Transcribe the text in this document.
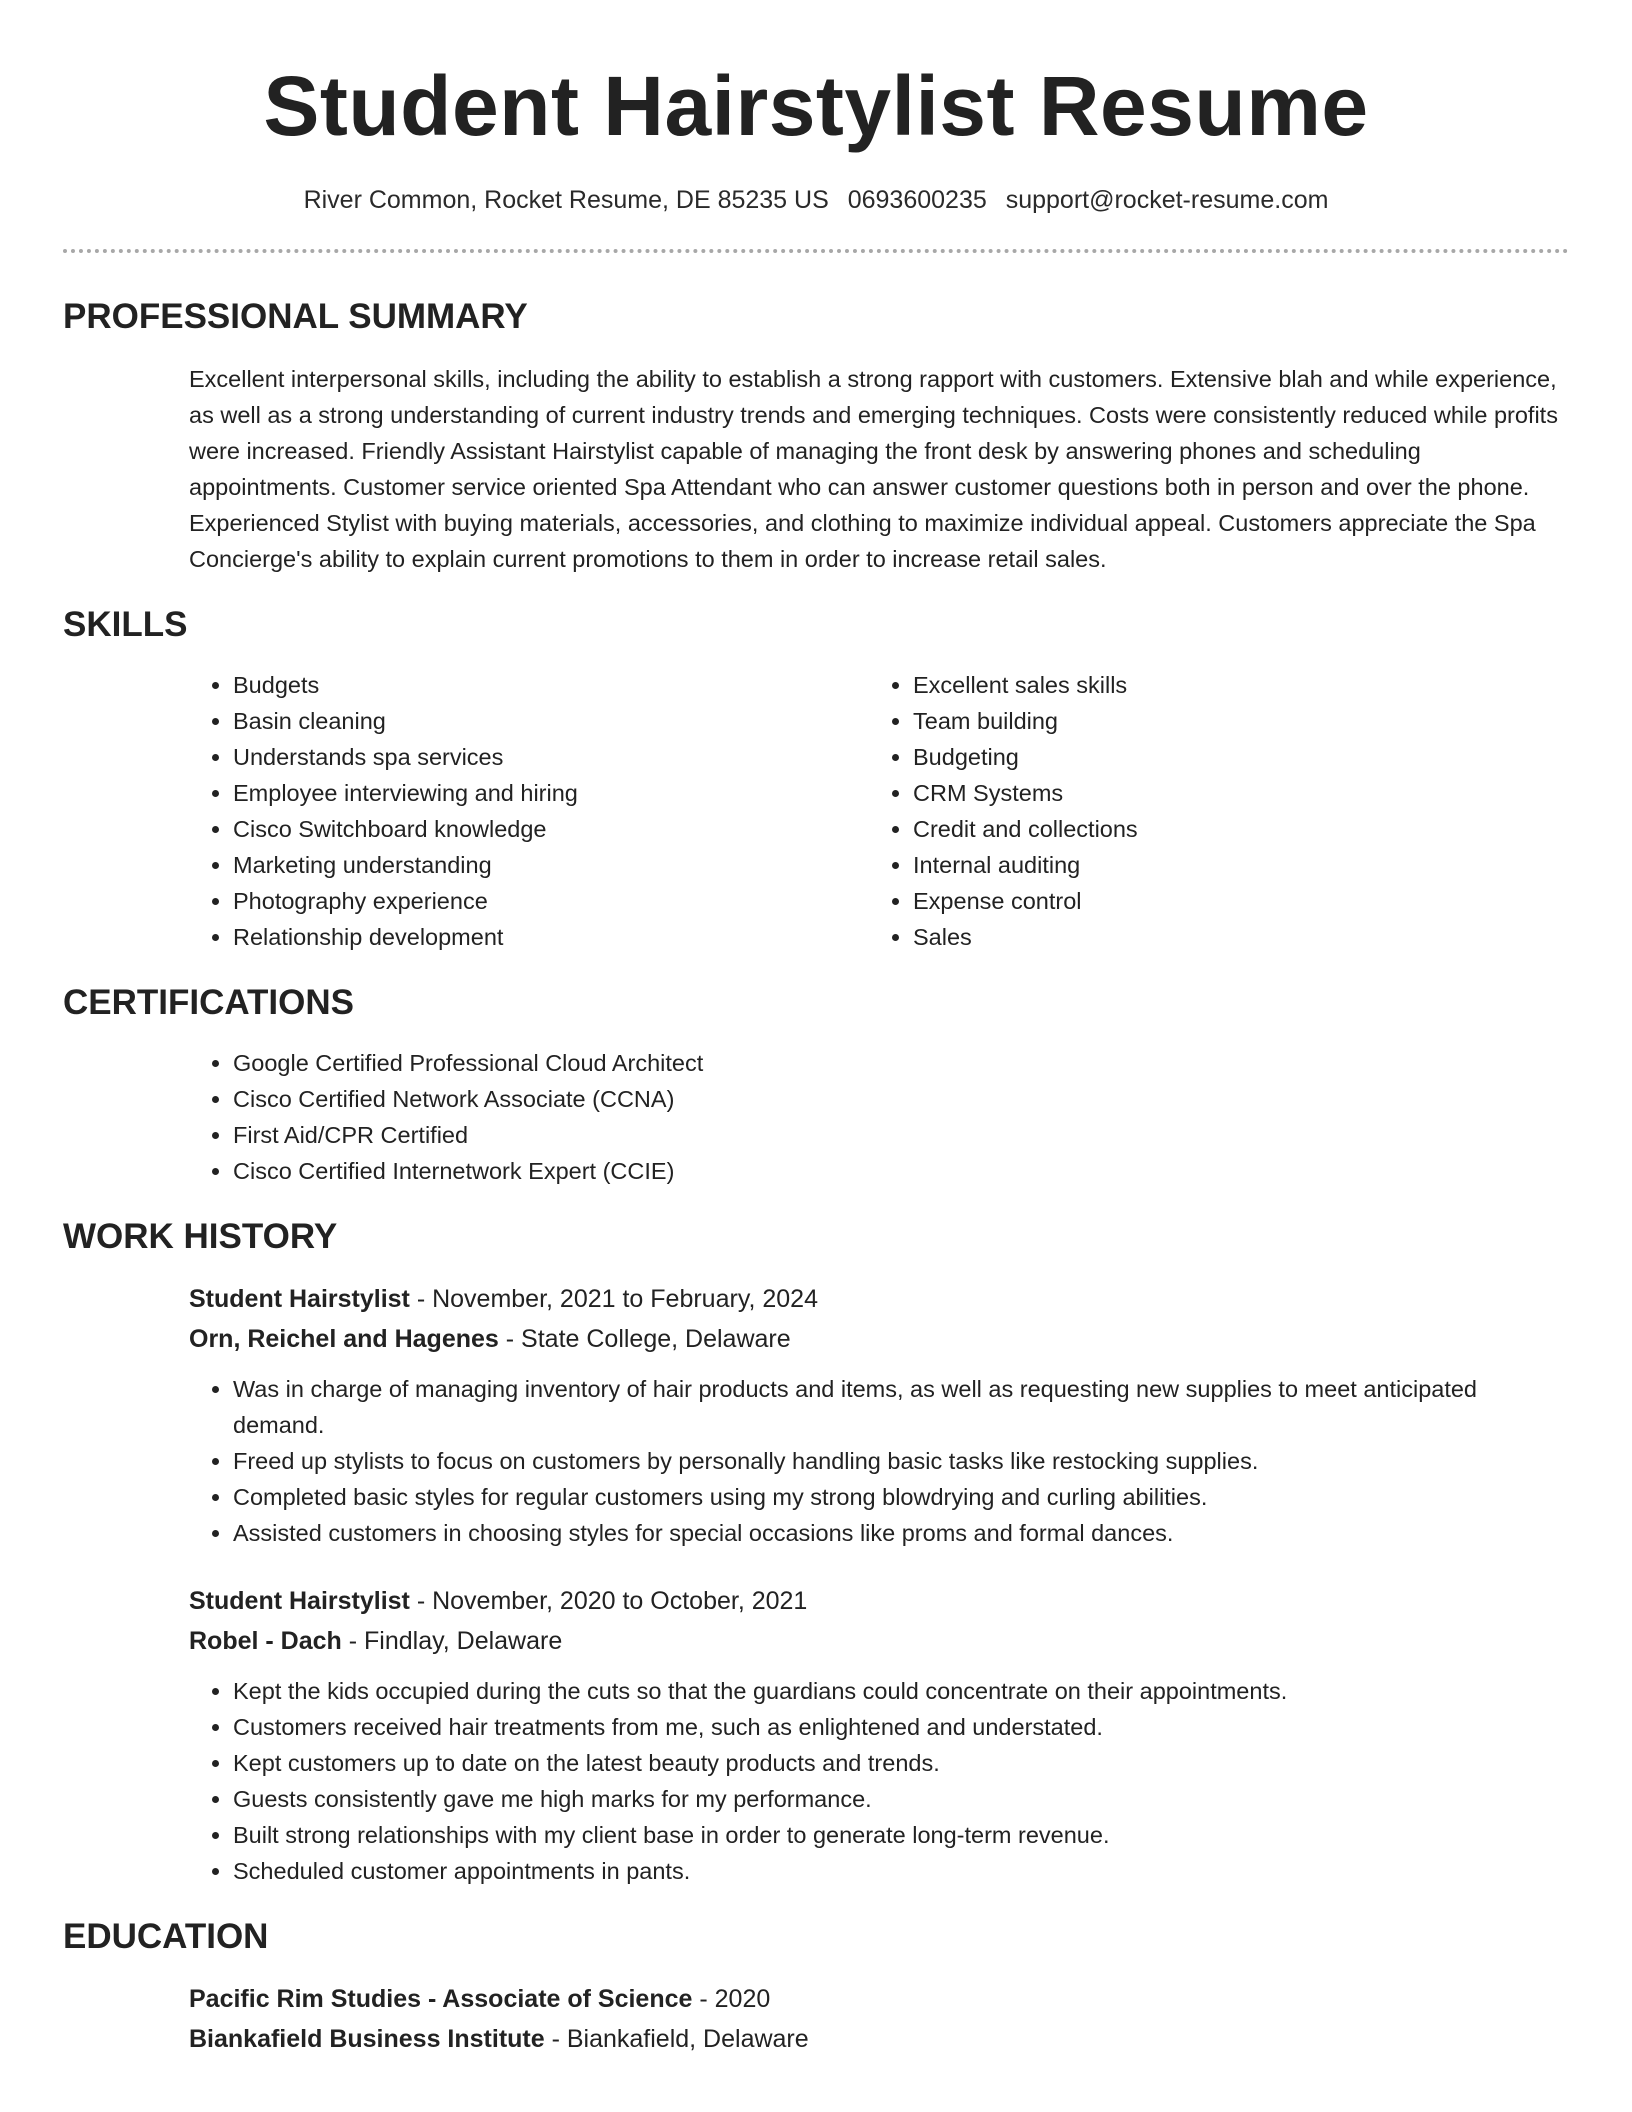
Student Hairstylist Resume
River Common, Rocket Resume, DE 85235 US 0693600235 support@rocket-resume.com
PROFESSIONAL SUMMARY

Excellent interpersonal skills, including the ability to establish a strong rapport with customers. Extensive blah and while experience, as well as a strong understanding of current industry trends and emerging techniques. Costs were consistently reduced while profits were increased. Friendly Assistant Hairstylist capable of managing the front desk by answering phones and scheduling appointments. Customer service oriented Spa Attendant who can answer customer questions both in person and over the phone. Experienced Stylist with buying materials, accessories, and clothing to maximize individual appeal. Customers appreciate the Spa Concierge's ability to explain current promotions to them in order to increase retail sales.

SKILLS
• Budgets
• Basin cleaning
• Understands spa services
• Employee interviewing and hiring
• Cisco Switchboard knowledge
• Marketing understanding
• Photography experience
• Relationship development
• Excellent sales skills
• Team building
• Budgeting
• CRM Systems
• Credit and collections
• Internal auditing
• Expense control
• Sales
CERTIFICATIONS
• Google Certified Professional Cloud Architect
• Cisco Certified Network Associate (CCNA)
• First Aid/CPR Certified
• Cisco Certified Internetwork Expert (CCIE)
WORK HISTORY
Student Hairstylist - November, 2021 to February, 2024
Orn, Reichel and Hagenes - State College, Delaware
• Was in charge of managing inventory of hair products and items, as well as requesting new supplies to meet anticipated demand.
• Freed up stylists to focus on customers by personally handling basic tasks like restocking supplies.
• Completed basic styles for regular customers using my strong blowdrying and curling abilities.
• Assisted customers in choosing styles for special occasions like proms and formal dances.
Student Hairstylist - November, 2020 to October, 2021
Robel - Dach - Findlay, Delaware
• Kept the kids occupied during the cuts so that the guardians could concentrate on their appointments.
• Customers received hair treatments from me, such as enlightened and understated.
• Kept customers up to date on the latest beauty products and trends.
• Guests consistently gave me high marks for my performance.
• Built strong relationships with my client base in order to generate long-term revenue.
• Scheduled customer appointments in pants.
EDUCATION
Pacific Rim Studies - Associate of Science - 2020
Biankafield Business Institute - Biankafield, Delaware
